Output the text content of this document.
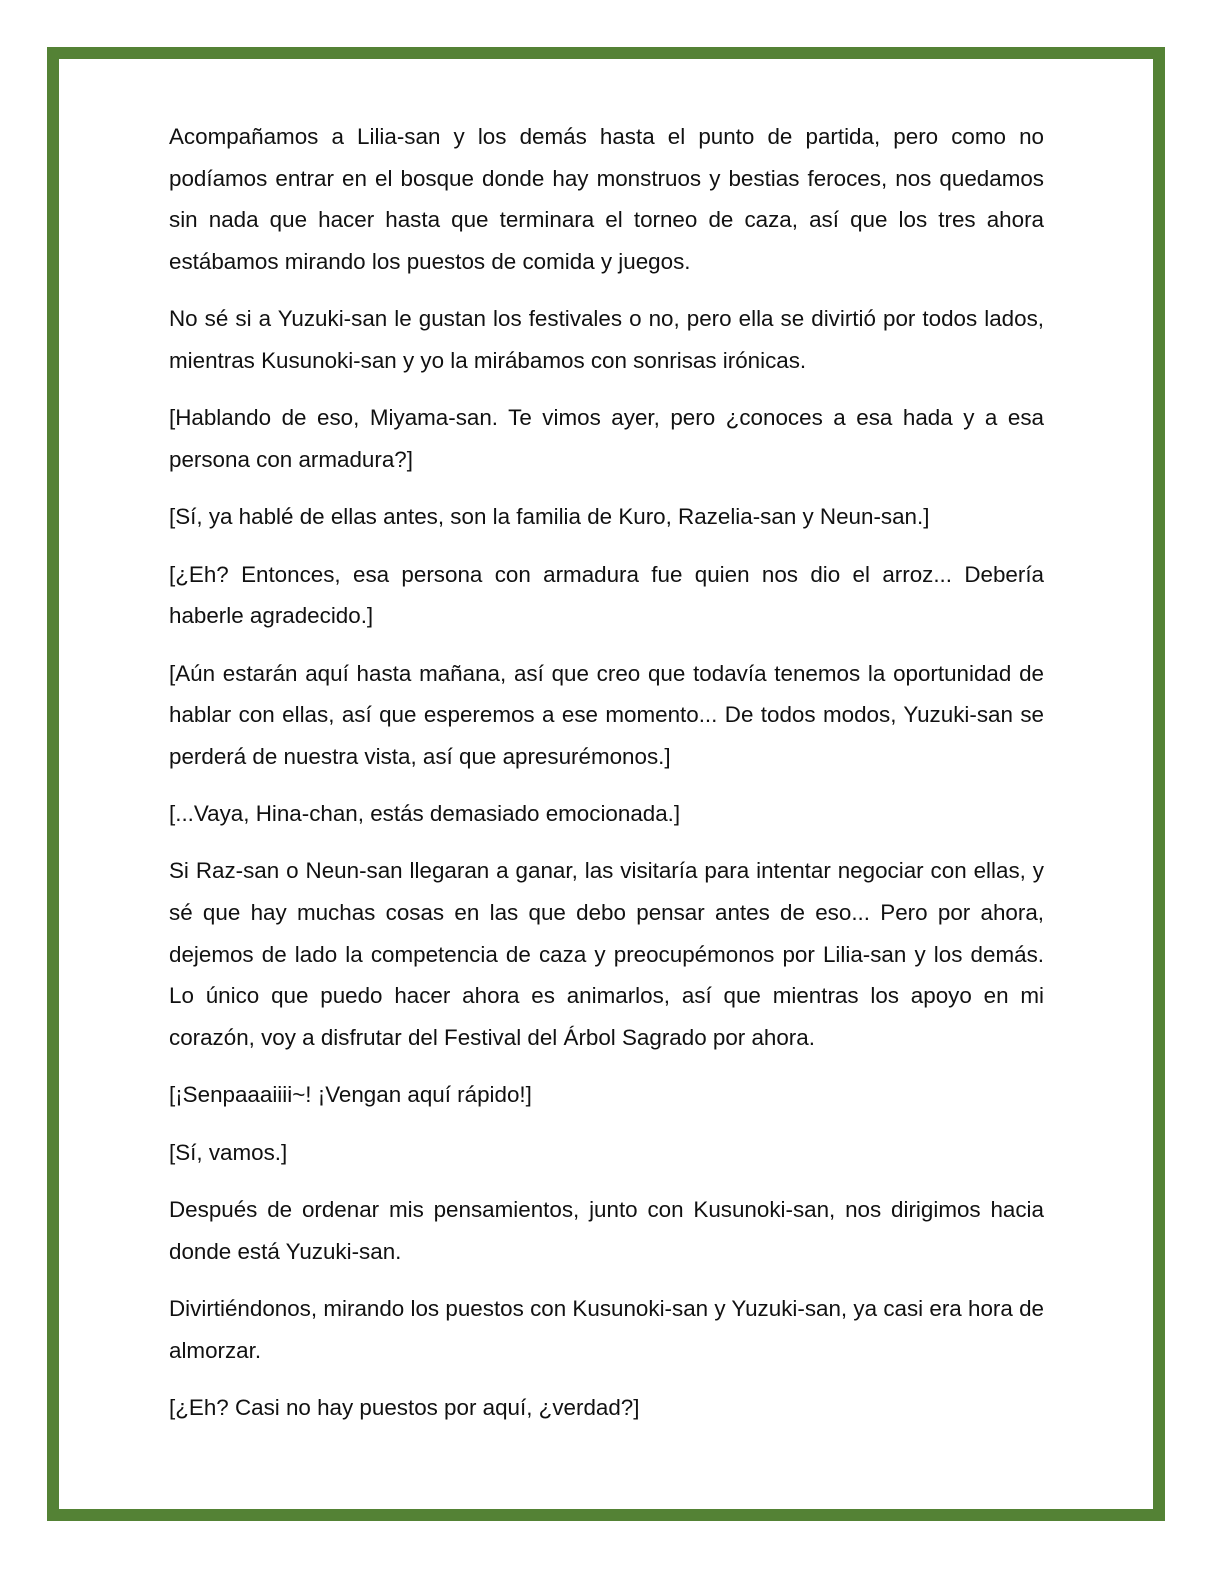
Acompañamos a Lilia-san y los demás hasta el punto de partida, pero como no podíamos entrar en el bosque donde hay monstruos y bestias feroces, nos quedamos sin nada que hacer hasta que terminara el torneo de caza, así que los tres ahora estábamos mirando los puestos de comida y juegos.

No sé si a Yuzuki-san le gustan los festivales o no, pero ella se divirtió por todos lados, mientras Kusunoki-san y yo la mirábamos con sonrisas irónicas.

[Hablando de eso, Miyama-san. Te vimos ayer, pero ¿conoces a esa hada y a esa persona con armadura?]

[Sí, ya hablé de ellas antes, son la familia de Kuro, Razelia-san y Neun-san.]

[¿Eh? Entonces, esa persona con armadura fue quien nos dio el arroz... Debería haberle agradecido.]

[Aún estarán aquí hasta mañana, así que creo que todavía tenemos la oportunidad de hablar con ellas, así que esperemos a ese momento... De todos modos, Yuzuki-san se perderá de nuestra vista, así que apresurémonos.]

[...Vaya, Hina-chan, estás demasiado emocionada.]

Si Raz-san o Neun-san llegaran a ganar, las visitaría para intentar negociar con ellas, y sé que hay muchas cosas en las que debo pensar antes de eso... Pero por ahora, dejemos de lado la competencia de caza y preocupémonos por Lilia-san y los demás. Lo único que puedo hacer ahora es animarlos, así que mientras los apoyo en mi corazón, voy a disfrutar del Festival del Árbol Sagrado por ahora.

[¡Senpaaaiiii~! ¡Vengan aquí rápido!]

[Sí, vamos.]

Después de ordenar mis pensamientos, junto con Kusunoki-san, nos dirigimos hacia donde está Yuzuki-san.

Divirtiéndonos, mirando los puestos con Kusunoki-san y Yuzuki-san, ya casi era hora de almorzar.

[¿Eh? Casi no hay puestos por aquí, ¿verdad?]
